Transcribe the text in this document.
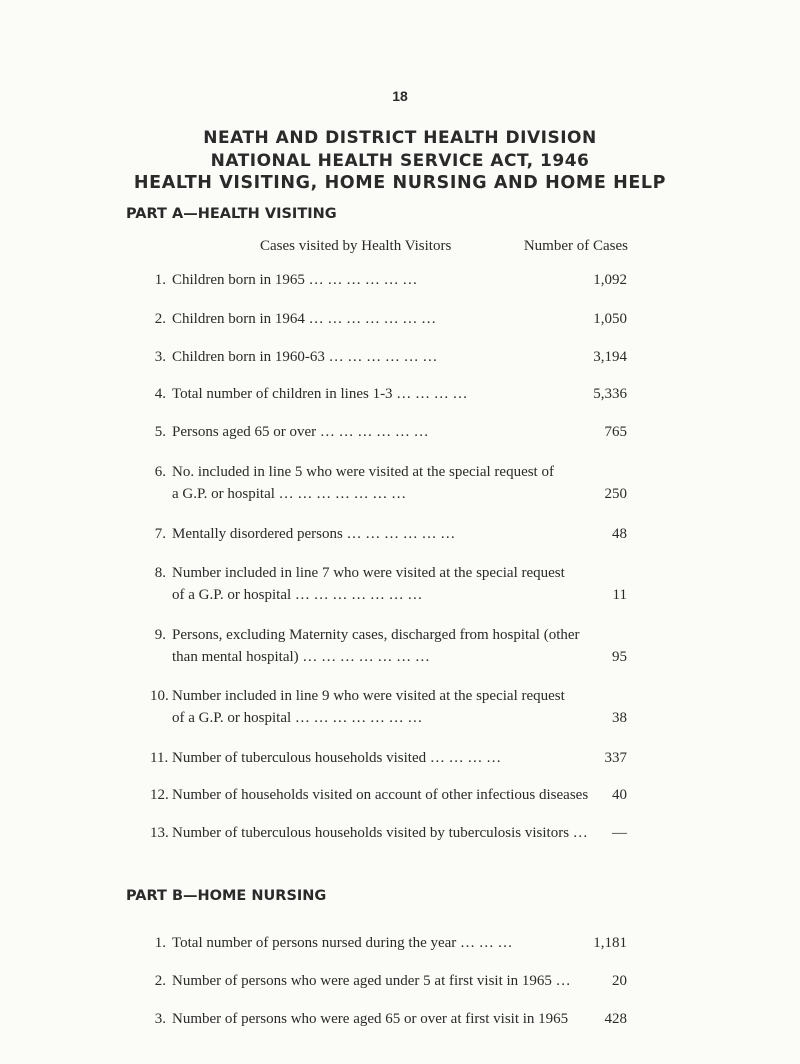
18
NEATH AND DISTRICT HEALTH DIVISION
NATIONAL HEALTH SERVICE ACT, 1946
HEALTH VISITING, HOME NURSING AND HOME HELP
PART A—HEALTH VISITING
Cases visited by Health Visitors	Number of Cases
1. Children born in 1965 … … … … … …	1,092
2. Children born in 1964 … … … … … … …	1,050
3. Children born in 1960-63 … … … … … …	3,194
4. Total number of children in lines 1-3 … … … …	5,336
5. Persons aged 65 or over … … … … … …	765
6. No. included in line 5 who were visited at the special request of
a G.P. or hospital … … … … … … …	250
7. Mentally disordered persons … … … … … …	48
8. Number included in line 7 who were visited at the special request
of a G.P. or hospital … … … … … … …	11
9. Persons, excluding Maternity cases, discharged from hospital (other
than mental hospital) … … … … … … …	95
10. Number included in line 9 who were visited at the special request
of a G.P. or hospital … … … … … … …	38
11. Number of tuberculous households visited … … … …	337
12. Number of households visited on account of other infectious diseases 40
13. Number of tuberculous households visited by tuberculosis visitors … —
PART B—HOME NURSING
1. Total number of persons nursed during the year … … …	1,181
2. Number of persons who were aged under 5 at first visit in 1965 …	20
3. Number of persons who were aged 65 or over at first visit in 1965 428
